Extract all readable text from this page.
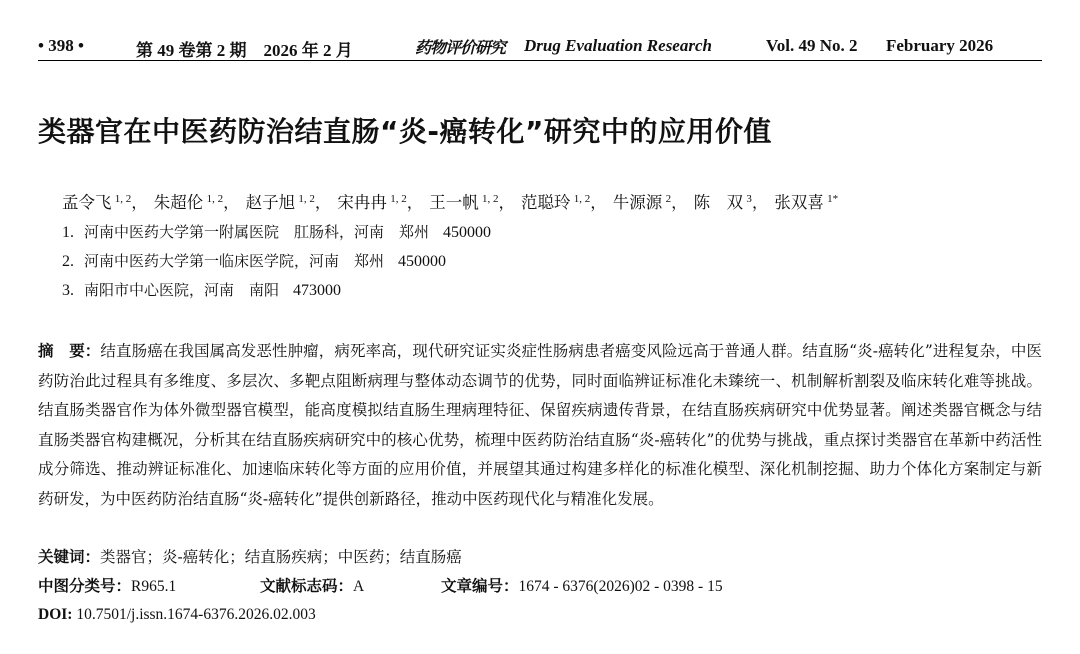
• 398 •	第 49 卷第 2 期　2026 年 2 月	药物评价研究 Drug Evaluation Research	Vol. 49 No. 2 February 2026
类器官在中医药防治结直肠“炎-癌转化”研究中的应用价值
孟令飞  $^{1, 2}$， 朱超伦  $^{1, 2}$， 赵子旭  $^{1, 2}$， 宋冉冉  $^{1, 2}$， 王一帆  $^{1, 2}$， 范聪玲  $^{1, 2}$， 牛源源  $^2$， 陈　双  $^3$， 张双喜  $^{1*}$
1. 河南中医药大学第一附属医院　肛肠科，河南　郑州 450000
2. 河南中医药大学第一临床医学院，河南　郑州 450000
3. 南阳市中心医院，河南　南阳 473000
摘　要：结直肠癌在我国属高发恶性肿瘤，病死率高，现代研究证实炎症性肠病患者癌变风险远高于普通人群。结直肠“炎-癌转化”进程复杂，中医药防治此过程具有多维度、多层次、多靶点阻断病理与整体动态调节的优势，同时面临辨证标准化未臻统一、机制解析割裂及临床转化难等挑战。结直肠类器官作为体外微型器官模型，能高度模拟结直肠生理病理特征、保留疾病遗传背景，在结直肠疾病研究中优势显著。阐述类器官概念与结直肠类器官构建概况，分析其在结直肠疾病研究中的核心优势，梳理中医药防治结直肠“炎-癌转化”的优势与挑战，重点探讨类器官在革新中药活性成分筛选、推动辨证标准化、加速临床转化等方面的应用价值，并展望其通过构建多样化的标准化模型、深化机制挖掘、助力个体化方案制定与新药研发，为中医药防治结直肠“炎-癌转化”提供创新路径，推动中医药现代化与精准化发展。
关键词：类器官；炎-癌转化；结直肠疾病；中医药；结直肠癌
中图分类号：R965.1	文献标志码：A	文章编号：1674 - 6376(2026)02 - 0398 - 15
DOI: 10.7501/j.issn.1674-6376.2026.02.003
